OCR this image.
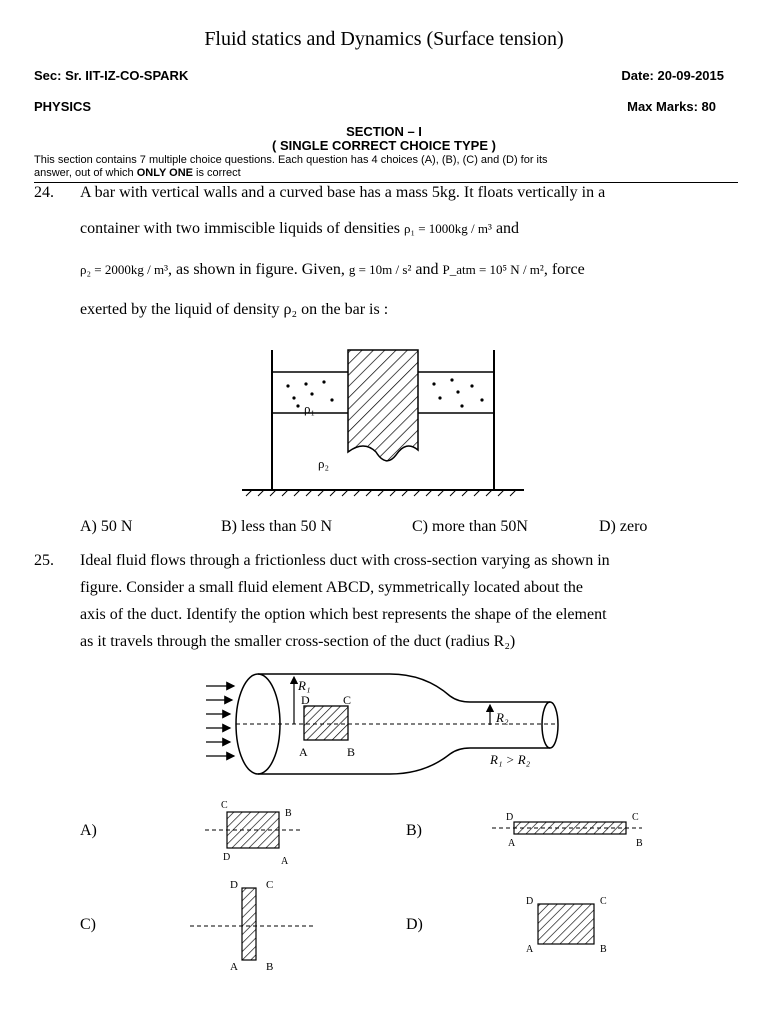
Fluid statics and Dynamics (Surface tension)
Sec: Sr. IIT-IZ-CO-SPARK	Date: 20-09-2015
PHYSICS	Max Marks: 80
SECTION – I
( SINGLE CORRECT CHOICE TYPE )
This section contains 7 multiple choice questions. Each question has 4 choices (A), (B), (C) and (D) for its
answer, out of which ONLY ONE is correct
24. A bar with vertical walls and a curved base has a mass 5kg. It floats vertically in a
container with two immiscible liquids of densities ρ₁ = 1000kg / m³ and
ρ₂ = 2000kg / m³, as shown in figure. Given, g = 10m / s² and P_atm = 10⁵ N / m², force
exerted by the liquid of density ρ₂ on the bar is :
ρ₁
ρ₂
A) 50 N	B) less than 50 N	C) more than 50N	D) zero
25. Ideal fluid flows through a frictionless duct with cross-section varying as shown in
figure. Consider a small fluid element ABCD, symmetrically located about the
axis of the duct. Identify the option which best represents the shape of the element
as it travels through the smaller cross-section of the duct (radius R₂)
R₁
R₂
D	C
A	B	R₁ > R₂
A)
C
B
D	A
B)
D	C
A	B
C)
D	C
A	B
D)
D	C
A	B
